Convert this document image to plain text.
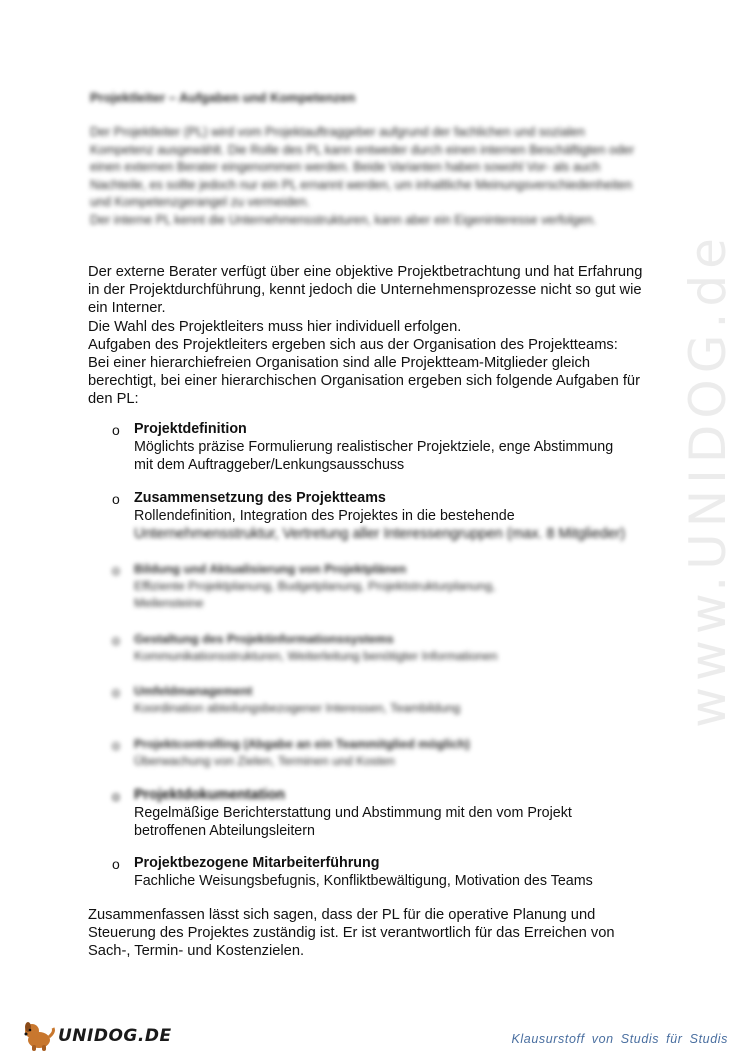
www.UNIDOG.de
Projektleiter – Aufgaben und Kompetenzen

Der Projektleiter (PL) wird vom Projektauftraggeber aufgrund der fachlichen und sozialen Kompetenz ausgewählt. Die Rolle des PL kann entweder durch einen internen Beschäftigten oder einen externen Berater eingenommen werden. Beide Varianten haben sowohl Vor- als auch Nachteile, es sollte jedoch nur ein PL ernannt werden, um inhaltliche Meinungsverschiedenheiten und Kompetenzgerangel zu vermeiden.

Der interne PL kennt die Unternehmensstrukturen, kann aber ein Eigeninteresse verfolgen.

Der externe Berater verfügt über eine objektive Projektbetrachtung und hat Erfahrung

in der Projektdurchführung, kennt jedoch die Unternehmensprozesse nicht so gut wie

ein Interner.

Die Wahl des Projektleiters muss hier individuell erfolgen.

Aufgaben des Projektleiters ergeben sich aus der Organisation des Projektteams:

Bei einer hierarchiefreien Organisation sind alle Projektteam-Mitglieder gleich

berechtigt, bei einer hierarchischen Organisation ergeben sich folgende Aufgaben für

den PL:

o Projektdefinition
Möglichts präzise Formulierung realistischer Projektziele, enge Abstimmung
mit dem Auftraggeber/Lenkungsausschuss
o Zusammensetzung des Projektteams
Rollendefinition, Integration des Projektes in die bestehende
Unternehmensstruktur, Vertretung aller Interessengruppen (max. 8 Mitglieder)
o Bildung und Aktualisierung von Projektplänen
Effiziente Projektplanung, Budgetplanung, Projektstrukturplanung,
Meilensteine
o Gestaltung des Projektinformationssystems
Kommunikationsstrukturen, Weiterleitung benötigter Informationen
o Umfeldmanagement
Koordination abteilungsbezogener Interessen, Teambildung
o Projektcontrolling (Abgabe an ein Teammitglied möglich)
Überwachung von Zielen, Terminen und Kosten
o Projektdokumentation
Regelmäßige Berichterstattung und Abstimmung mit den vom Projekt
betroffenen Abteilungsleitern
o Projektbezogene Mitarbeiterführung
Fachliche Weisungsbefugnis, Konfliktbewältigung, Motivation des Teams

Zusammenfassen lässt sich sagen, dass der PL für die operative Planung und

Steuerung des Projektes zuständig ist. Er ist verantwortlich für das Erreichen von

Sach-, Termin- und Kostenzielen.

UNIDOG.DE	Klausurstoff von Studis für Studis
